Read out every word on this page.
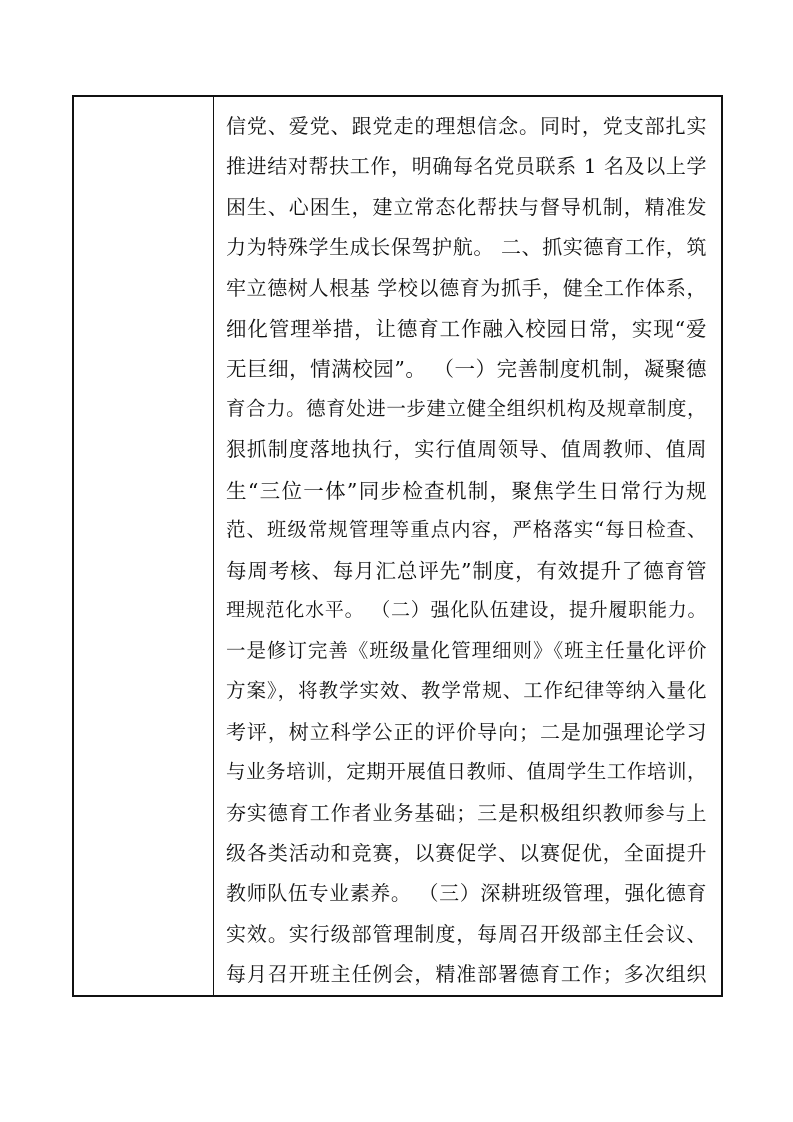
信党、爱党、跟党走的理想信念。同时，党支部扎实
推进结对帮扶工作，明确每名党员联系 1 名及以上学
困生、心困生，建立常态化帮扶与督导机制，精准发
力为特殊学生成长保驾护航。 二、抓实德育工作，筑
牢立德树人根基 学校以德育为抓手，健全工作体系，
细化管理举措，让德育工作融入校园日常，实现“爱
无巨细，情满校园”。 （一）完善制度机制，凝聚德
育合力。德育处进一步建立健全组织机构及规章制度，
狠抓制度落地执行，实行值周领导、值周教师、值周
生“三位一体”同步检查机制，聚焦学生日常行为规
范、班级常规管理等重点内容，严格落实“每日检查、
每周考核、每月汇总评先”制度，有效提升了德育管
理规范化水平。 （二）强化队伍建设，提升履职能力。
一是修订完善《班级量化管理细则》《班主任量化评价
方案》，将教学实效、教学常规、工作纪律等纳入量化
考评，树立科学公正的评价导向；二是加强理论学习
与业务培训，定期开展值日教师、值周学生工作培训，
夯实德育工作者业务基础；三是积极组织教师参与上
级各类活动和竞赛，以赛促学、以赛促优，全面提升
教师队伍专业素养。 （三）深耕班级管理，强化德育
实效。实行级部管理制度，每周召开级部主任会议、
每月召开班主任例会，精准部署德育工作；多次组织
